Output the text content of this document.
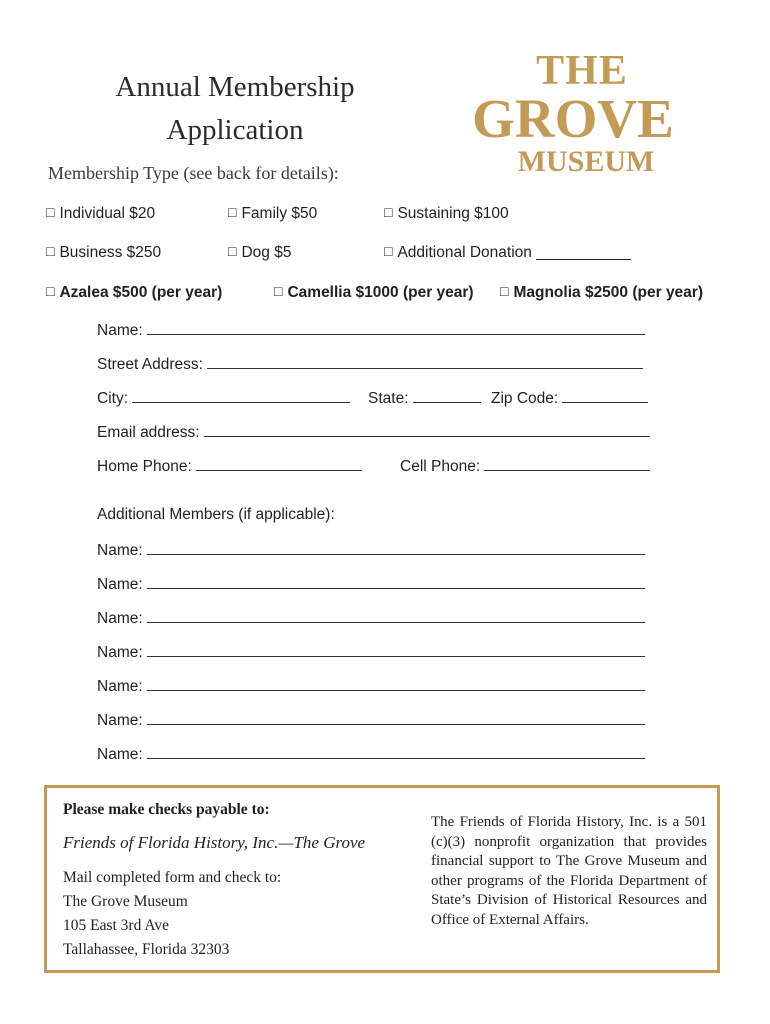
Annual Membership
Application
THE
GROVE
MUSEUM
Membership Type (see back for details):
□ Individual $20	□ Family $50	□ Sustaining $100
□ Business $250	□ Dog $5	□ Additional Donation ___________
□ Azalea $500 (per year)	□ Camellia $1000 (per year) □ Magnolia $2500 (per year)
Name:
Street Address:
City:	State:	Zip Code:
Email address:
Home Phone:	Cell Phone:
Additional Members (if applicable):
Name:
Name:
Name:
Name:
Name:
Name:
Name:
Please make checks payable to:
Friends of Florida History, Inc.—The Grove
Mail completed form and check to:
The Grove Museum
105 East 3rd Ave
Tallahassee, Florida 32303
The Friends of Florida History, Inc. is a 501 (c)(3) nonprofit organization that provides financial support to The Grove Museum and other programs of the Florida Department of State’s Division of Historical Resources and Office of External Affairs.
